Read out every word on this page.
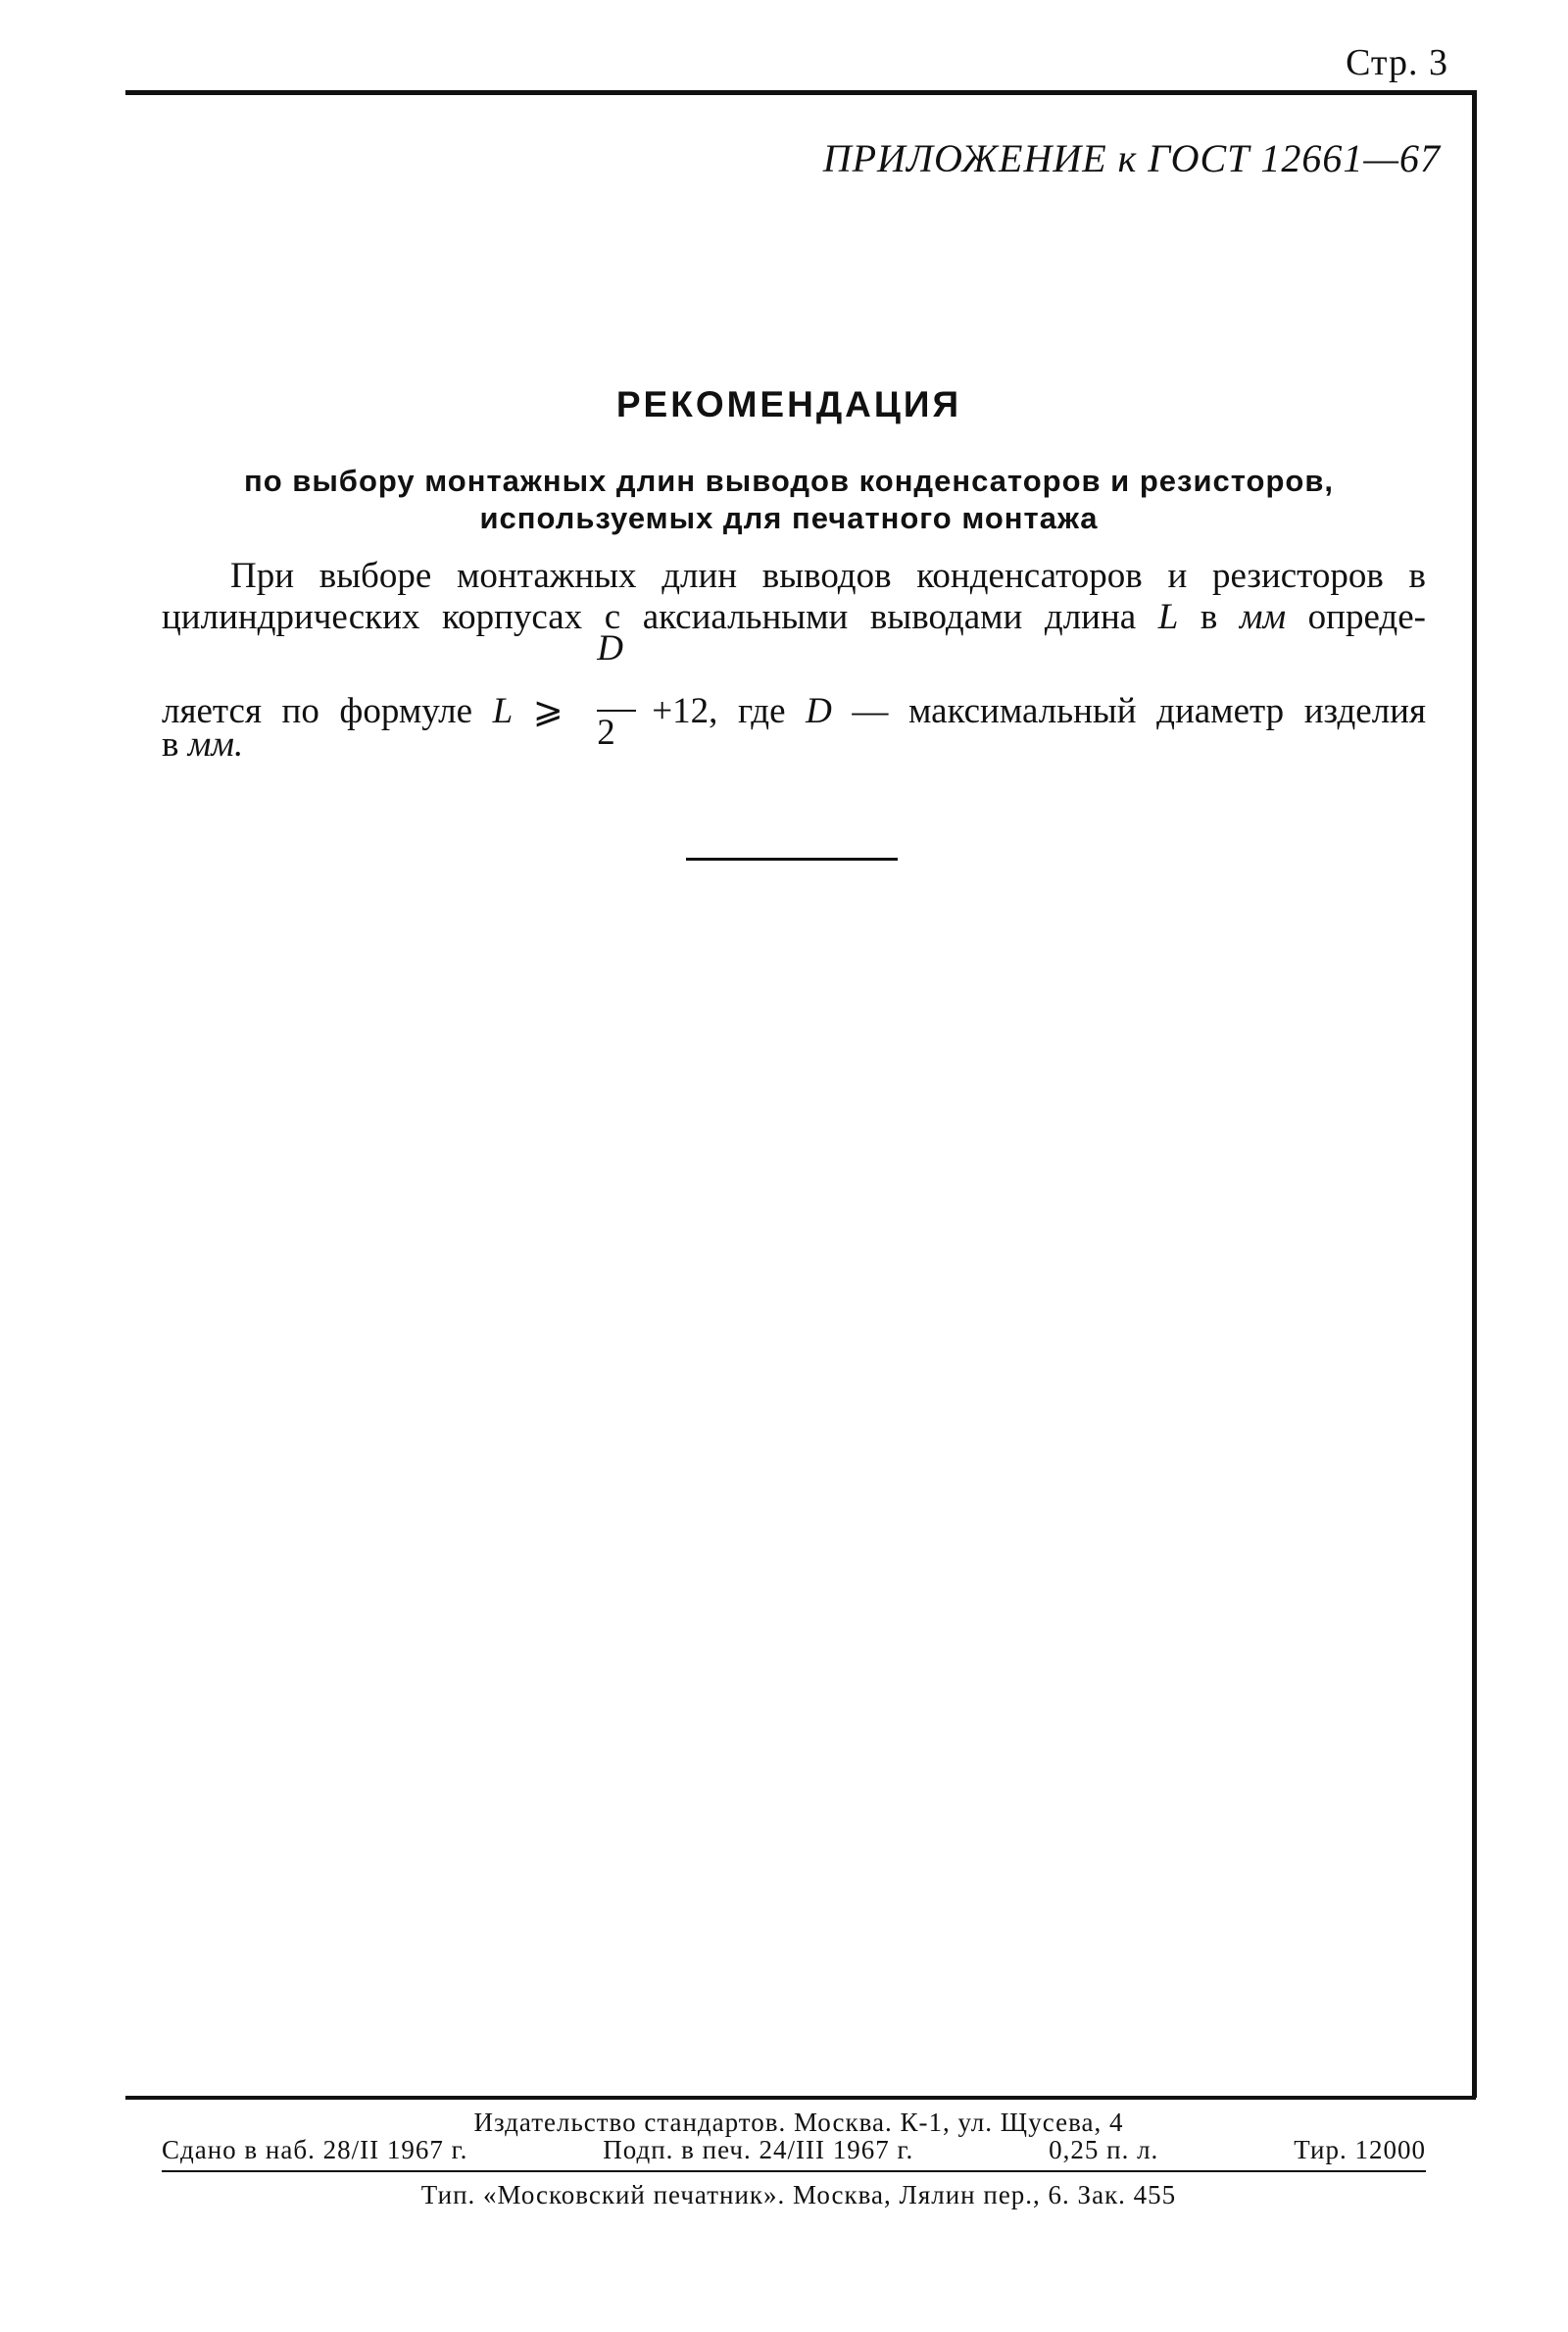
Стр. 3
ПРИЛОЖЕНИЕ к ГОСТ 12661—67
РЕКОМЕНДАЦИЯ
по выбору монтажных длин выводов конденсаторов и резисторов,
используемых для печатного монтажа
При выборе монтажных длин выводов конденсаторов и резисторов в
цилиндрических корпусах с аксиальными выводами длина L в мм опреде-
ляется по формуле L ⩾ $\frac{D}{2} +12$, где D — максимальный диаметр изделия
в мм.
Издательство стандартов. Москва. К-1, ул. Щусева, 4
Сдано в наб. 28/II 1967 г.	Подп. в печ. 24/III 1967 г.	0,25 п. л.	Тир. 12000
Тип. «Московский печатник». Москва, Лялин пер., 6. Зак. 455
